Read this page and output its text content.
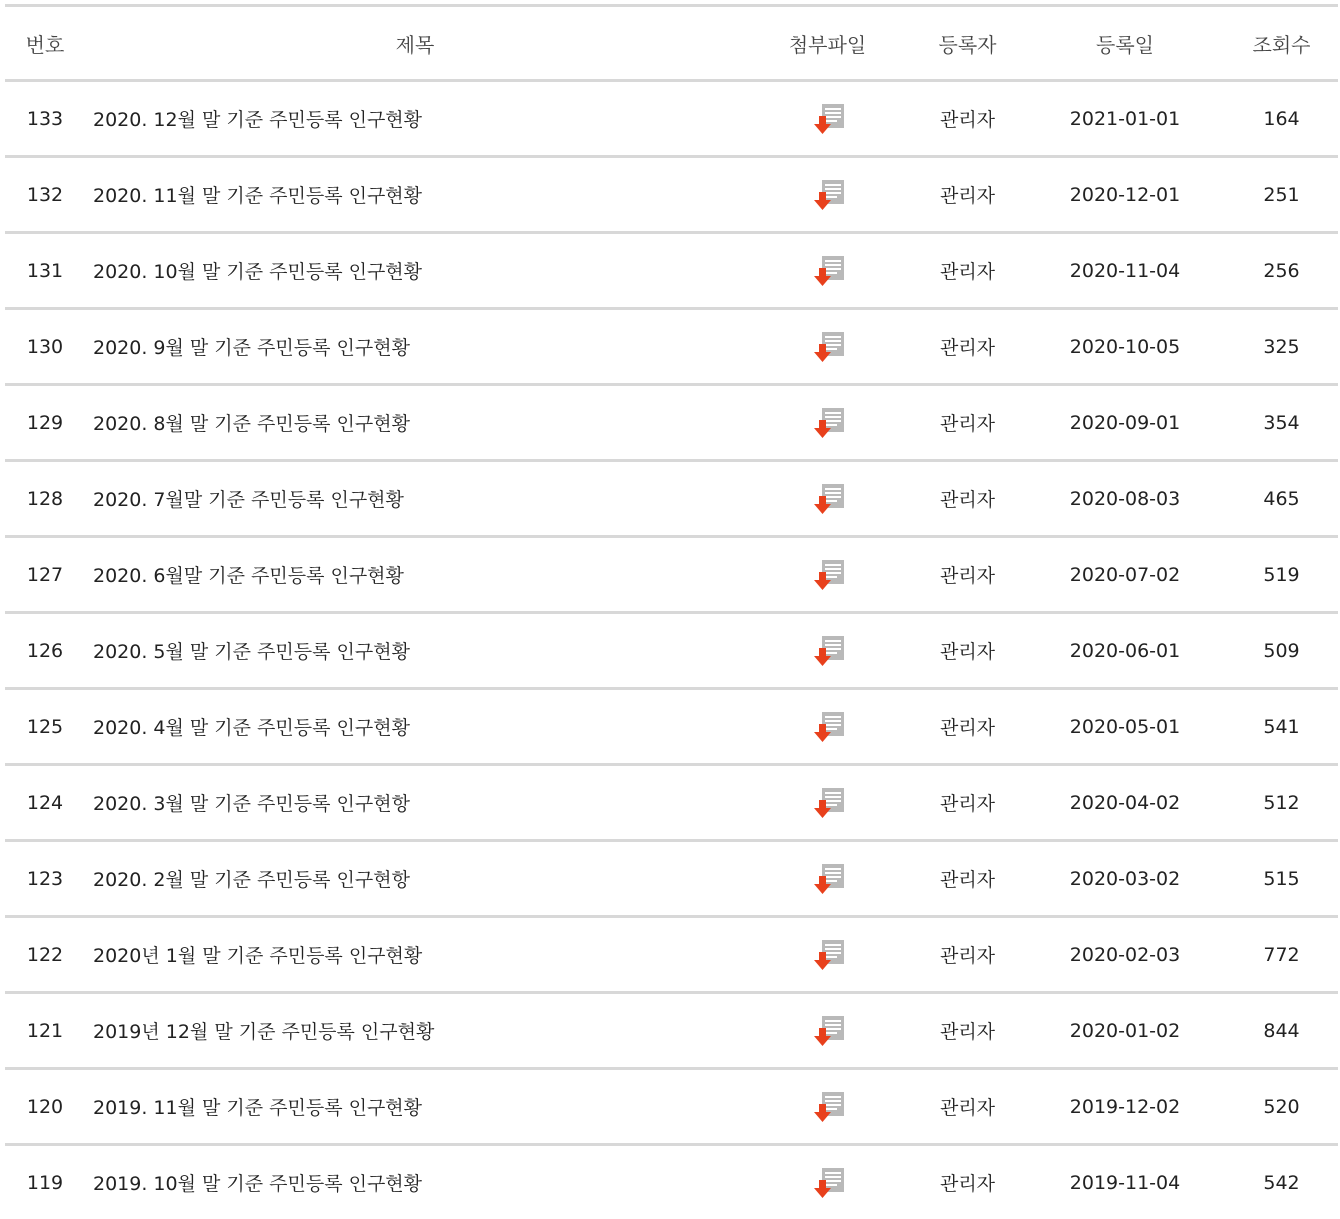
번호	제목	첨부파일	등록자	등록일	조회수
133	2020. 12월 말 기준 주민등록 인구현황		관리자	2021-01-01	164
132	2020. 11월 말 기준 주민등록 인구현황		관리자	2020-12-01	251
131	2020. 10월 말 기준 주민등록 인구현황		관리자	2020-11-04	256
130	2020. 9월 말 기준 주민등록 인구현황		관리자	2020-10-05	325
129	2020. 8월 말 기준 주민등록 인구현황		관리자	2020-09-01	354
128	2020. 7월말 기준 주민등록 인구현황		관리자	2020-08-03	465
127	2020. 6월말 기준 주민등록 인구현황		관리자	2020-07-02	519
126	2020. 5월 말 기준 주민등록 인구현황		관리자	2020-06-01	509
125	2020. 4월 말 기준 주민등록 인구현황		관리자	2020-05-01	541
124	2020. 3월 말 기준 주민등록 인구현항		관리자	2020-04-02	512
123	2020. 2월 말 기준 주민등록 인구현항		관리자	2020-03-02	515
122	2020년 1월 말 기준 주민등록 인구현황		관리자	2020-02-03	772
121	2019년 12월 말 기준 주민등록 인구현황		관리자	2020-01-02	844
120	2019. 11월 말 기준 주민등록 인구현황		관리자	2019-12-02	520
119	2019. 10월 말 기준 주민등록 인구현황		관리자	2019-11-04	542
